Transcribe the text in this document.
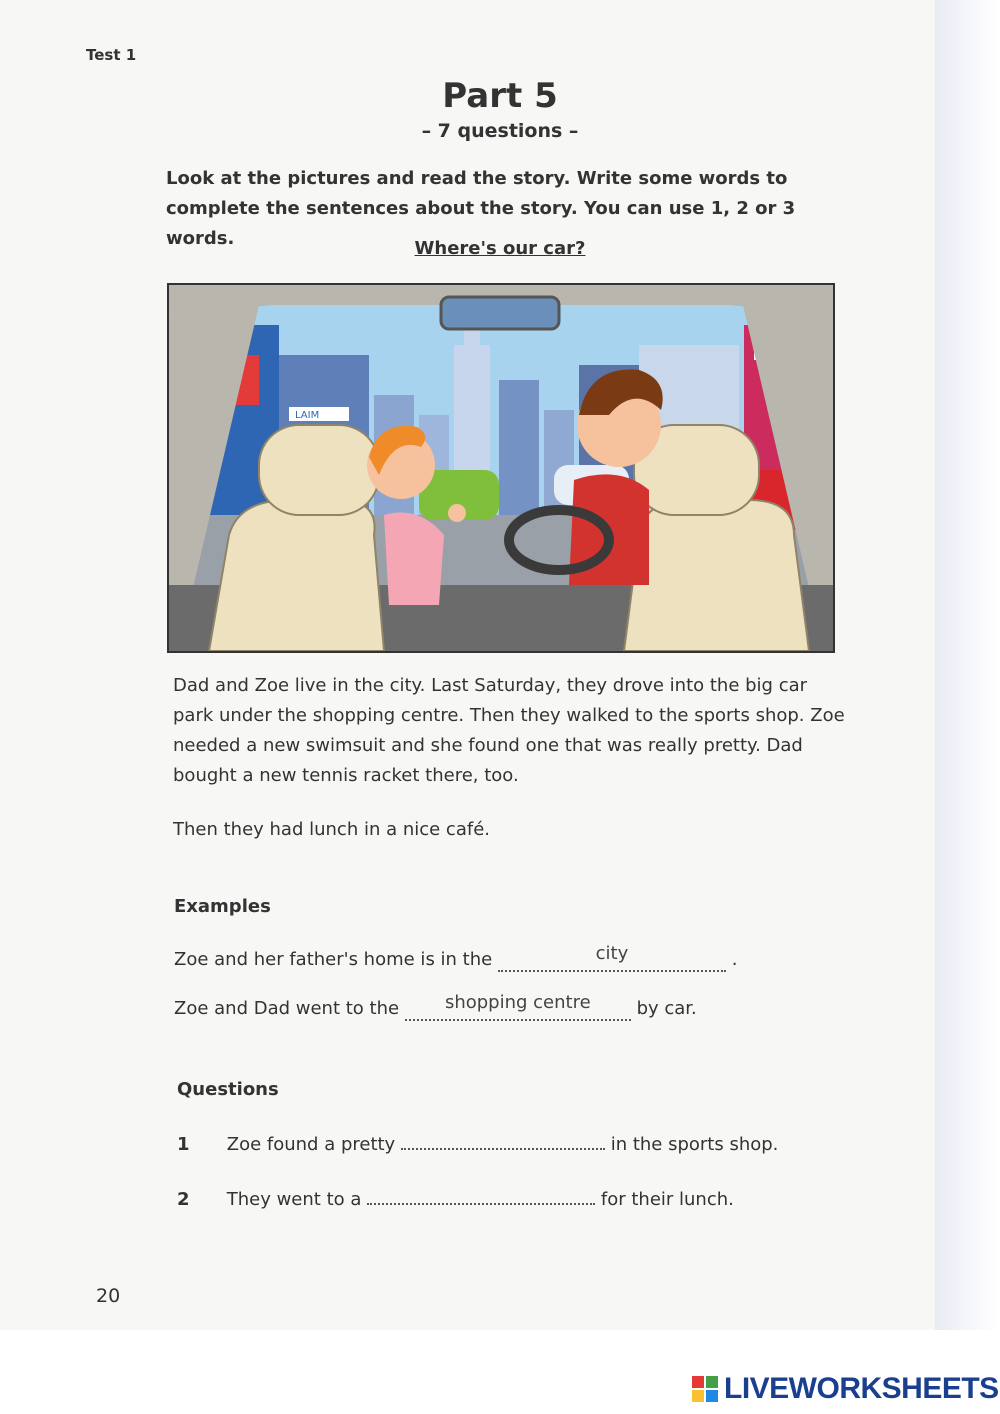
Test 1
Part 5
– 7 questions –
Look at the pictures and read the story. Write some words to
complete the sentences about the story. You can use 1, 2 or 3 words.	Where's our car?
LAIM

Dad and Zoe live in the city. Last Saturday, they drove into the big car park under the shopping centre. Then they walked to the sports shop. Zoe needed a new swimsuit and she found one that was really pretty. Dad bought a new tennis racket there, too.

Then they had lunch in a nice café.

Examples
Zoe and her father's home is in the	city	.
Zoe and Dad went to the	shopping centre	by car.
Questions
1 Zoe found a pretty	in the sports shop.
2 They went to a	for their lunch.
20
LIVEWORKSHEETS
